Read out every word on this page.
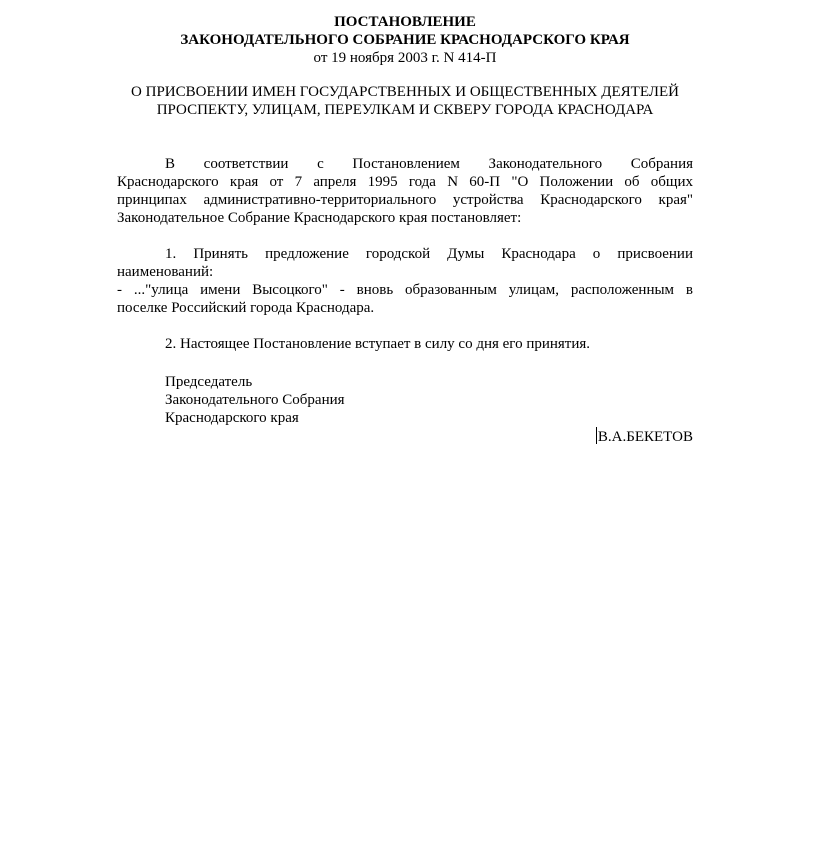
ПОСТАНОВЛЕНИЕ
ЗАКОНОДАТЕЛЬНОГО СОБРАНИЕ КРАСНОДАРСКОГО КРАЯ
от 19 ноября 2003 г. N 414-П
О ПРИСВОЕНИИ ИМЕН ГОСУДАРСТВЕННЫХ И ОБЩЕСТВЕННЫХ ДЕЯТЕЛЕЙ
ПРОСПЕКТУ, УЛИЦАМ, ПЕРЕУЛКАМ И СКВЕРУ ГОРОДА КРАСНОДАРА
В соответствии с Постановлением Законодательного Собрания
Краснодарского края от 7 апреля 1995 года N 60-П "О Положении об общих
принципах административно-территориального устройства Краснодарского края"
Законодательное Собрание Краснодарского края постановляет:
1. Принять предложение городской Думы Краснодара о присвоении
наименований:
- ..."улица имени Высоцкого" - вновь образованным улицам, расположенным в
поселке Российский города Краснодара.
2. Настоящее Постановление вступает в силу со дня его принятия.
Председатель
Законодательного Собрания
Краснодарского края
В.А.БЕКЕТОВ
